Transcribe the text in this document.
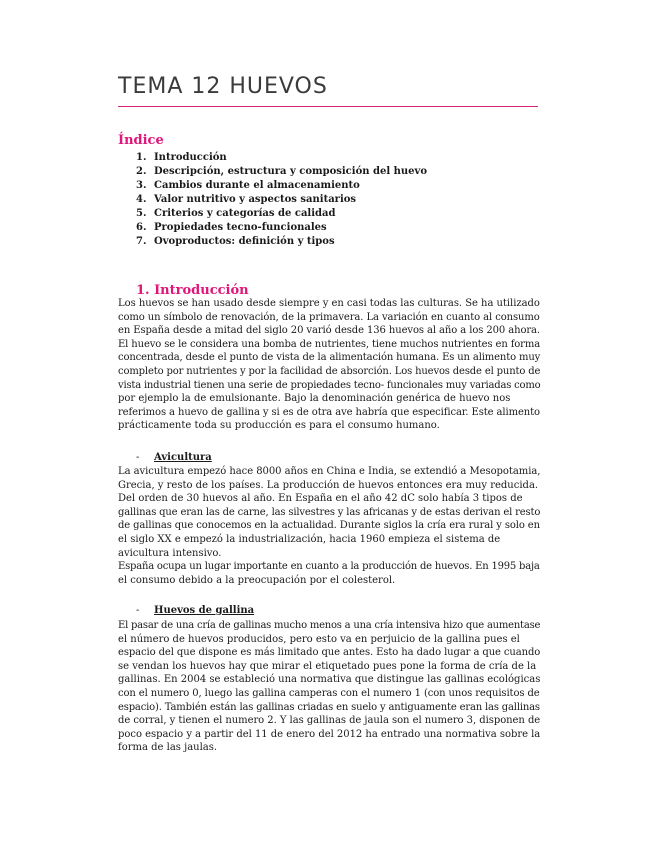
TEMA 12 HUEVOS
Índice
1. Introducción
2. Descripción, estructura y composición del huevo
3. Cambios durante el almacenamiento
4. Valor nutritivo y aspectos sanitarios
5. Criterios y categorías de calidad
6. Propiedades tecno-funcionales
7. Ovoproductos: definición y tipos
1. Introducción

Los huevos se han usado desde siempre y en casi todas las culturas. Se ha utilizado
como un símbolo de renovación, de la primavera. La variación en cuanto al consumo
en España desde a mitad del siglo 20 varió desde 136 huevos al año a los 200 ahora.
El huevo se le considera una bomba de nutrientes, tiene muchos nutrientes en forma
concentrada, desde el punto de vista de la alimentación humana. Es un alimento muy
completo por nutrientes y por la facilidad de absorción. Los huevos desde el punto de
vista industrial tienen una serie de propiedades tecno- funcionales muy variadas como
por ejemplo la de emulsionante. Bajo la denominación genérica de huevo nos
referimos a huevo de gallina y si es de otra ave habría que especificar. Este alimento
prácticamente toda su producción es para el consumo humano.

- Avicultura

La avicultura empezó hace 8000 años en China e India, se extendió a Mesopotamia,
Grecia, y resto de los países. La producción de huevos entonces era muy reducida.
Del orden de 30 huevos al año. En España en el año 42 dC solo había 3 tipos de
gallinas que eran las de carne, las silvestres y las africanas y de estas derivan el resto
de gallinas que conocemos en la actualidad. Durante siglos la cría era rural y solo en
el siglo XX e empezó la industrialización, hacia 1960 empieza el sistema de
avicultura intensivo.
España ocupa un lugar importante en cuanto a la producción de huevos. En 1995 baja
el consumo debido a la preocupación por el colesterol.

- Huevos de gallina

El pasar de una cría de gallinas mucho menos a una cría intensiva hizo que aumentase
el número de huevos producidos, pero esto va en perjuicio de la gallina pues el
espacio del que dispone es más limitado que antes. Esto ha dado lugar a que cuando
se vendan los huevos hay que mirar el etiquetado pues pone la forma de cría de la
gallinas. En 2004 se estableció una normativa que distingue las gallinas ecológicas
con el numero 0, luego las gallina camperas con el numero 1 (con unos requisitos de
espacio). También están las gallinas criadas en suelo y antiguamente eran las gallinas
de corral, y tienen el numero 2. Y las gallinas de jaula son el numero 3, disponen de
poco espacio y a partir del 11 de enero del 2012 ha entrado una normativa sobre la
forma de las jaulas.
